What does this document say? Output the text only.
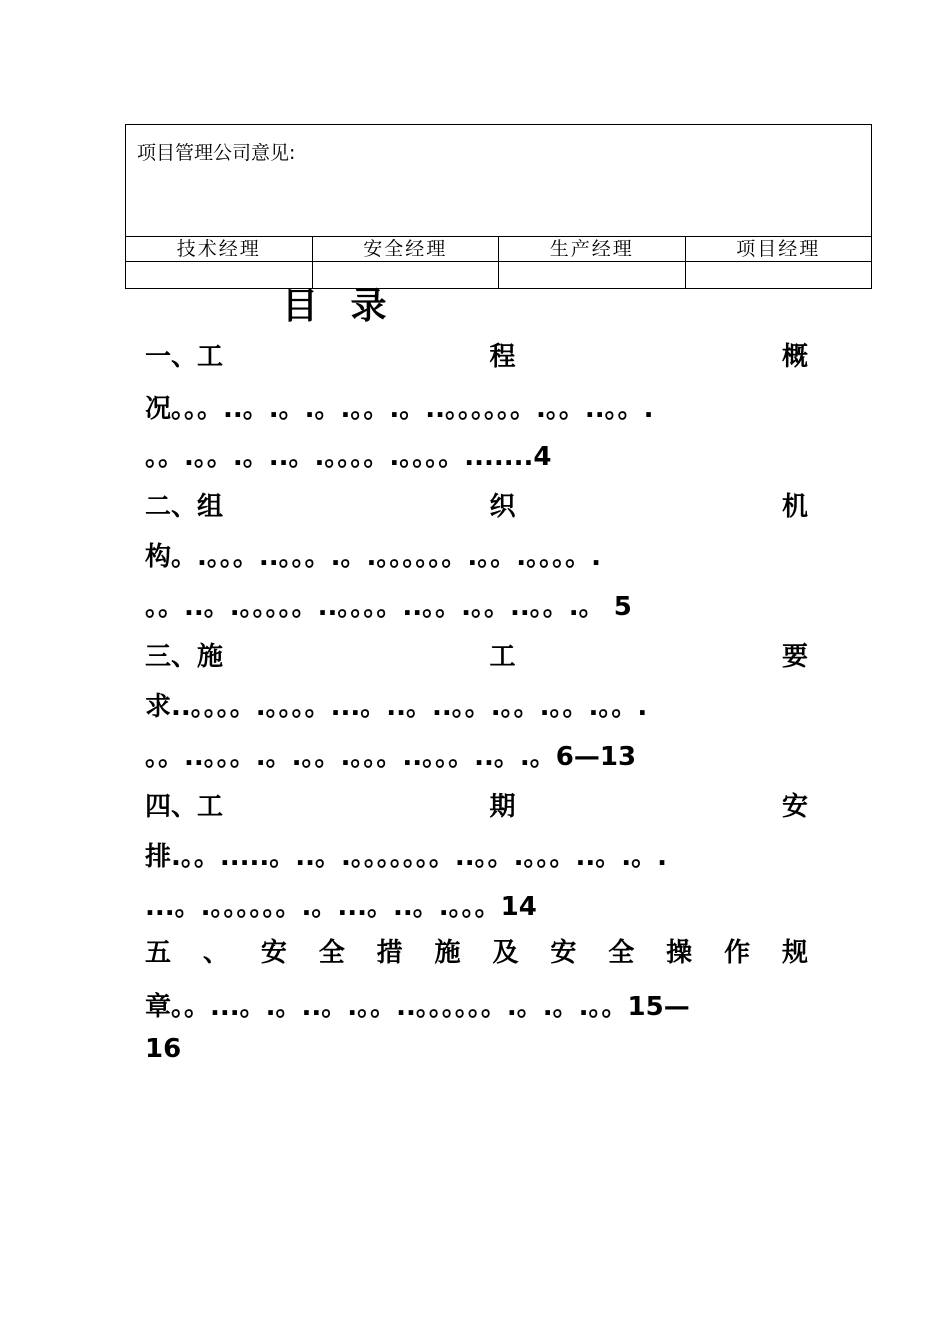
项目管理公司意见:			
技术经理	安全经理	生产经理	项目经理

目 录
一、工	程	概
况。。。..。.。.。.。。.。..。。。。。。.。。..。。.
。。.。。.。..。.。。。。.。。。。.......4
二、组	织	机
构。.。。。..。。。.。.。。。。。。.。。.。。。。.
。。..。.。。。。。..。。。。..。。.。。..。。.。 5
三、施	工	要
求..。。。。.。。。。...。..。..。。.。。.。。.。。.
。。..。。。.。.。。.。。。..。。。..。.。6—13
四、工	期	安
排.。。.....。..。.。。。。。。。..。。.。。。..。.。.
...。.。。。。。。.。...。..。.。。。14
五 、 安 全 措 施 及 安 全 操 作 规
章。。...。.。..。.。。..。。。。。。.。.。.。。15—
16
